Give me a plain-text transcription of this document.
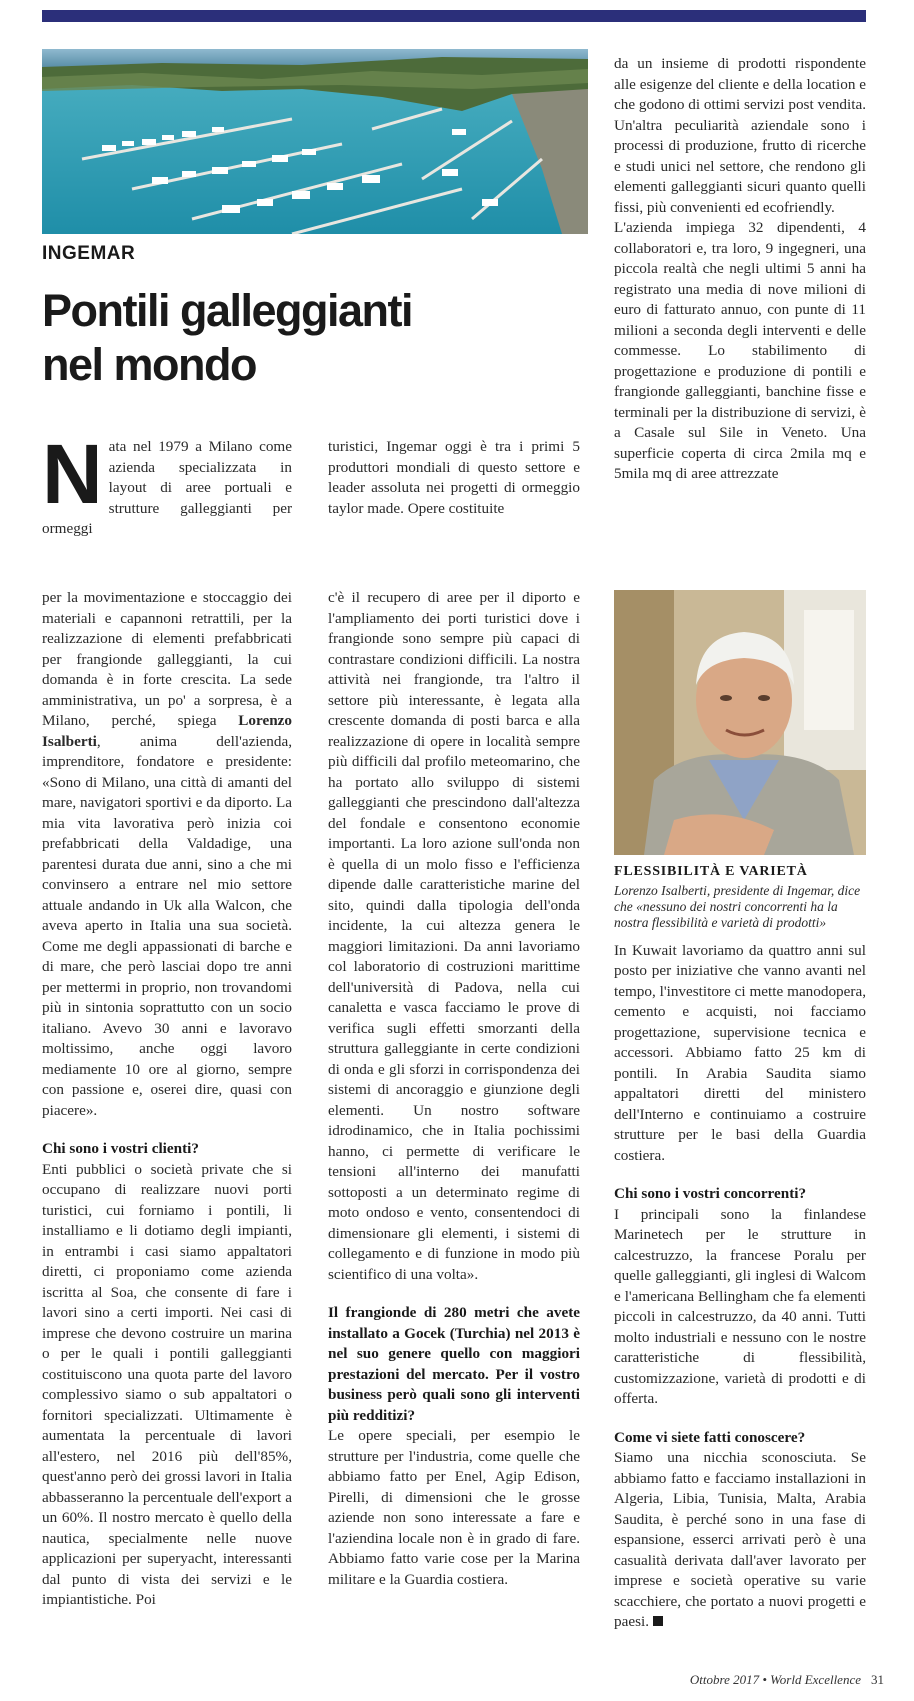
INGEMAR
Pontili galleggianti nel mondo

Nata nel 1979 a Milano come azienda specializzata in layout di aree portuali e strutture galleggianti per ormeggi

turistici, Ingemar oggi è tra i primi 5 produttori mondiali di questo settore e leader assoluta nei progetti di ormeggio taylor made. Opere costituite

da un insieme di prodotti rispondente alle esigenze del cliente e della location e che godono di ottimi servizi post vendita. Un'altra peculiarità aziendale sono i processi di produzione, frutto di ricerche e studi unici nel settore, che rendono gli elementi galleggianti sicuri quanto quelli fissi, più convenienti ed ecofriendly.

L'azienda impiega 32 dipendenti, 4 collaboratori e, tra loro, 9 ingegneri, una piccola realtà che negli ultimi 5 anni ha registrato una media di nove milioni di euro di fatturato annuo, con punte di 11 milioni a seconda degli interventi e delle commesse. Lo stabilimento di progettazione e produzione di pontili e frangionde galleggianti, banchine fisse e terminali per la distribuzione di servizi, è a Casale sul Sile in Veneto. Una superficie coperta di circa 2mila mq e 5mila mq di aree attrezzate

per la movimentazione e stoccaggio dei materiali e capannoni retrattili, per la realizzazione di elementi prefabbricati per frangionde galleggianti, la cui domanda è in forte crescita. La sede amministrativa, un po' a sorpresa, è a Milano, perché, spiega Lorenzo Isalberti, anima dell'azienda, imprenditore, fondatore e presidente: «Sono di Milano, una città di amanti del mare, navigatori sportivi e da diporto. La mia vita lavorativa però inizia coi prefabbricati della Valdadige, una parentesi durata due anni, sino a che mi convinsero a entrare nel mio settore attuale andando in Uk alla Walcon, che aveva aperto in Italia una sua società. Come me degli appassionati di barche e di mare, che però lasciai dopo tre anni per mettermi in proprio, non trovandomi più in sintonia soprattutto con un socio italiano. Avevo 30 anni e lavoravo moltissimo, anche oggi lavoro mediamente 10 ore al giorno, sempre con passione e, oserei dire, quasi con piacere».

Chi sono i vostri clienti?

Enti pubblici o società private che si occupano di realizzare nuovi porti turistici, cui forniamo i pontili, li installiamo e li dotiamo degli impianti, in entrambi i casi siamo appaltatori diretti, ci proponiamo come azienda iscritta al Soa, che consente di fare i lavori sino a certi importi. Nei casi di imprese che devono costruire un marina o per le quali i pontili galleggianti costituiscono una quota parte del lavoro complessivo siamo o sub appaltatori o fornitori specializzati. Ultimamente è aumentata la percentuale di lavori all'estero, nel 2016 più dell'85%, quest'anno però dei grossi lavori in Italia abbasseranno la percentuale dell'export a un 60%. Il nostro mercato è quello della nautica, specialmente nelle nuove applicazioni per superyacht, interessanti dal punto di vista dei servizi e le impiantistiche. Poi

c'è il recupero di aree per il diporto e l'ampliamento dei porti turistici dove i frangionde sono sempre più capaci di contrastare condizioni difficili. La nostra attività nei frangionde, tra l'altro il settore più interessante, è legata alla crescente domanda di posti barca e alla realizzazione di opere in località sempre più difficili dal profilo meteomarino, che ha portato allo sviluppo di sistemi galleggianti che prescindono dall'altezza del fondale e consentono economie importanti. La loro azione sull'onda non è quella di un molo fisso e l'efficienza dipende dalle caratteristiche marine del sito, quindi dalla tipologia dell'onda incidente, la cui altezza genera le maggiori limitazioni. Da anni lavoriamo col laboratorio di costruzioni marittime dell'università di Padova, nella cui canaletta e vasca facciamo le prove di verifica sugli effetti smorzanti della struttura galleggiante in certe condizioni di onda e gli sforzi in corrispondenza dei sistemi di ancoraggio e giunzione degli elementi. Un nostro software idrodinamico, che in Italia pochissimi hanno, ci permette di verificare le tensioni all'interno dei manufatti sottoposti a un determinato regime di moto ondoso e vento, consentendoci di dimensionare gli elementi, i sistemi di collegamento e di funzione in modo più scientifico di una volta».

Il frangionde di 280 metri che avete installato a Gocek (Turchia) nel 2013 è nel suo genere quello con maggiori prestazioni del mercato. Per il vostro business però quali sono gli interventi più redditizi?

Le opere speciali, per esempio le strutture per l'industria, come quelle che abbiamo fatto per Enel, Agip Edison, Pirelli, di dimensioni che le grosse aziende non sono interessate a fare e l'aziendina locale non è in grado di fare. Abbiamo fatto varie cose per la Marina militare e la Guardia costiera.

FLESSIBILITÀ E VARIETÀ

Lorenzo Isalberti, presidente di Ingemar, dice che «nessuno dei nostri concorrenti ha la nostra flessibilità e varietà di prodotti»

In Kuwait lavoriamo da quattro anni sul posto per iniziative che vanno avanti nel tempo, l'investitore ci mette manodopera, cemento e acquisti, noi facciamo progettazione, supervisione tecnica e accessori. Abbiamo fatto 25 km di pontili. In Arabia Saudita siamo appaltatori diretti del ministero dell'Interno e continuiamo a costruire strutture per le basi della Guardia costiera.

Chi sono i vostri concorrenti?

I principali sono la finlandese Marinetech per le strutture in calcestruzzo, la francese Poralu per quelle galleggianti, gli inglesi di Walcom e l'americana Bellingham che fa elementi piccoli in calcestruzzo, da 40 anni. Tutti molto industriali e nessuno con le nostre caratteristiche di flessibilità, customizzazione, varietà di prodotti e di offerta.

Come vi siete fatti conoscere?

Siamo una nicchia sconosciuta. Se abbiamo fatto e facciamo installazioni in Algeria, Libia, Tunisia, Malta, Arabia Saudita, è perché sono in una fase di espansione, esserci arrivati però è una casualità derivata dall'aver lavorato per imprese e società operative su varie scacchiere, che portato a nuovi progetti e paesi.

Ottobre 2017 • World Excellence 31
